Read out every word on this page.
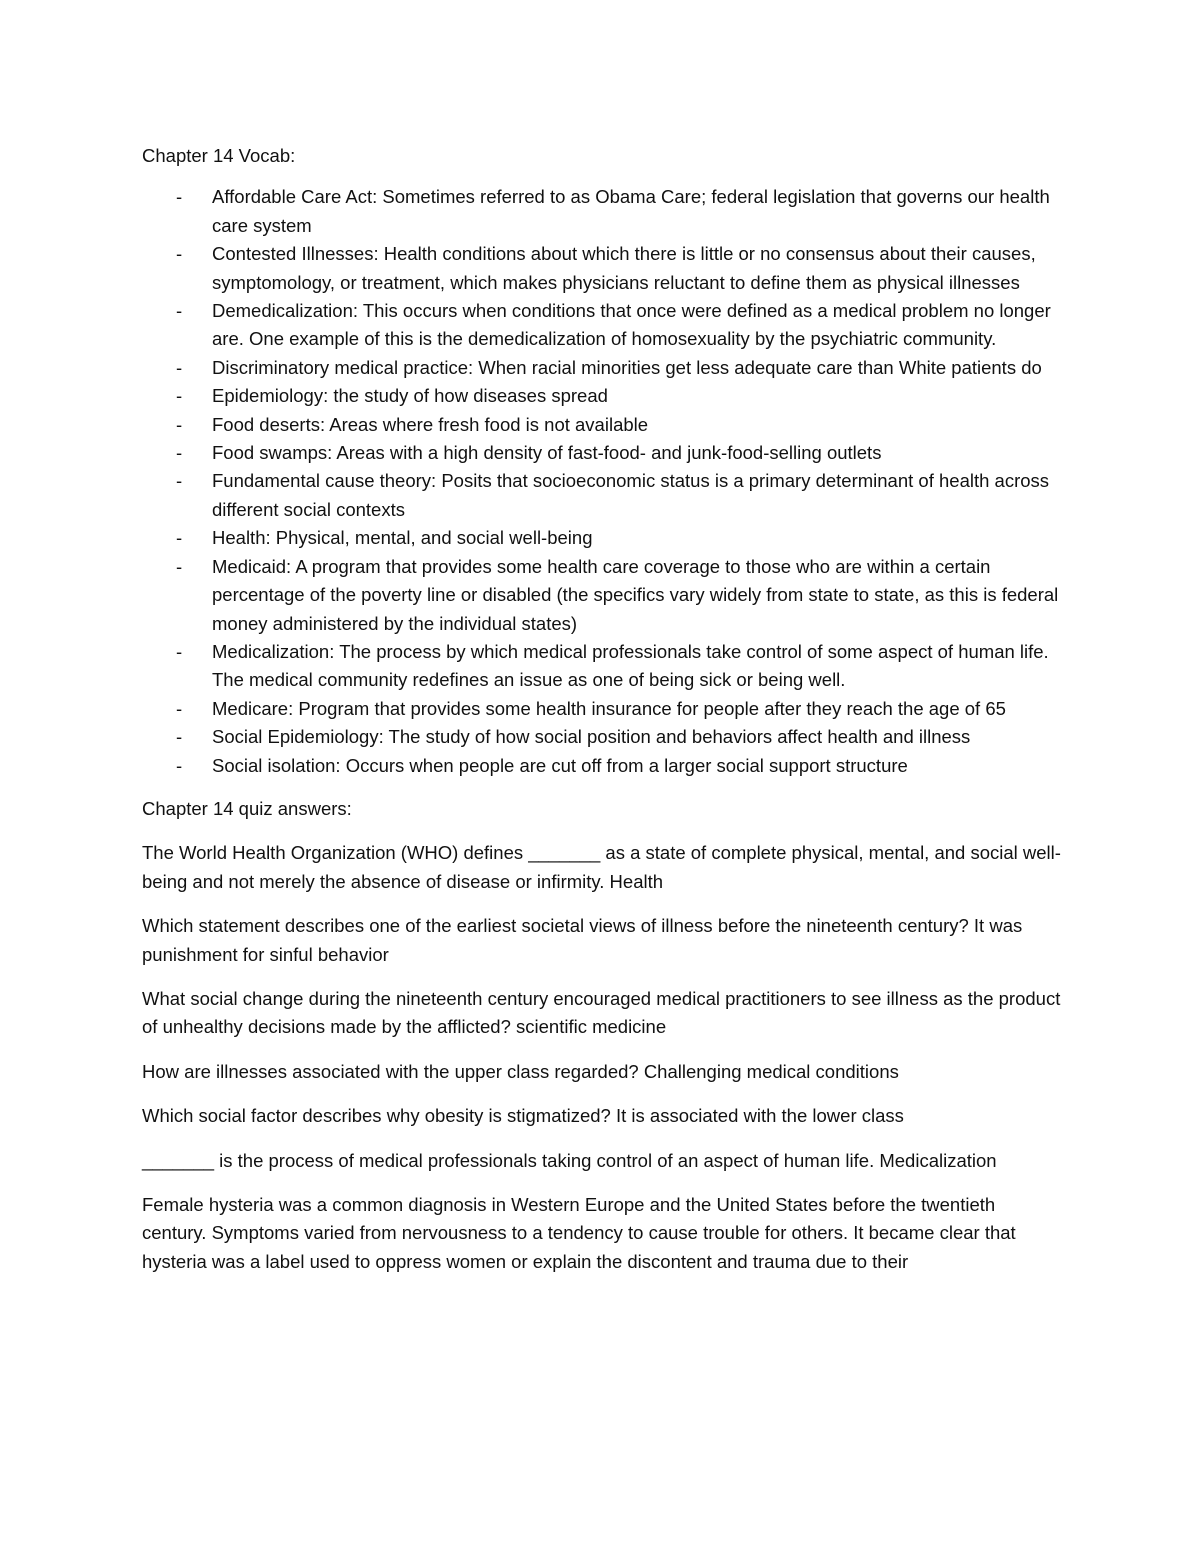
Chapter 14 Vocab:

- Affordable Care Act: Sometimes referred to as Obama Care; federal legislation that governs our health care system
- Contested Illnesses: Health conditions about which there is little or no consensus about their causes, symptomology, or treatment, which makes physicians reluctant to define them as physical illnesses
- Demedicalization: This occurs when conditions that once were defined as a medical problem no longer are. One example of this is the demedicalization of homosexuality by the psychiatric community.
- Discriminatory medical practice: When racial minorities get less adequate care than White patients do
- Epidemiology: the study of how diseases spread
- Food deserts: Areas where fresh food is not available
- Food swamps: Areas with a high density of fast-food- and junk-food-selling outlets
- Fundamental cause theory: Posits that socioeconomic status is a primary determinant of health across different social contexts
- Health: Physical, mental, and social well-being
- Medicaid: A program that provides some health care coverage to those who are within a certain percentage of the poverty line or disabled (the specifics vary widely from state to state, as this is federal money administered by the individual states)
- Medicalization: The process by which medical professionals take control of some aspect of human life. The medical community redefines an issue as one of being sick or being well.
- Medicare: Program that provides some health insurance for people after they reach the age of 65
- Social Epidemiology: The study of how social position and behaviors affect health and illness
- Social isolation: Occurs when people are cut off from a larger social support structure

Chapter 14 quiz answers:

The World Health Organization (WHO) defines _______ as a state of complete physical, mental, and social well-being and not merely the absence of disease or infirmity. Health

Which statement describes one of the earliest societal views of illness before the nineteenth century? It was punishment for sinful behavior

What social change during the nineteenth century encouraged medical practitioners to see illness as the product of unhealthy decisions made by the afflicted? scientific medicine

How are illnesses associated with the upper class regarded? Challenging medical conditions

Which social factor describes why obesity is stigmatized? It is associated with the lower class

_______ is the process of medical professionals taking control of an aspect of human life. Medicalization

Female hysteria was a common diagnosis in Western Europe and the United States before the twentieth century. Symptoms varied from nervousness to a tendency to cause trouble for others. It became clear that hysteria was a label used to oppress women or explain the discontent and trauma due to their
